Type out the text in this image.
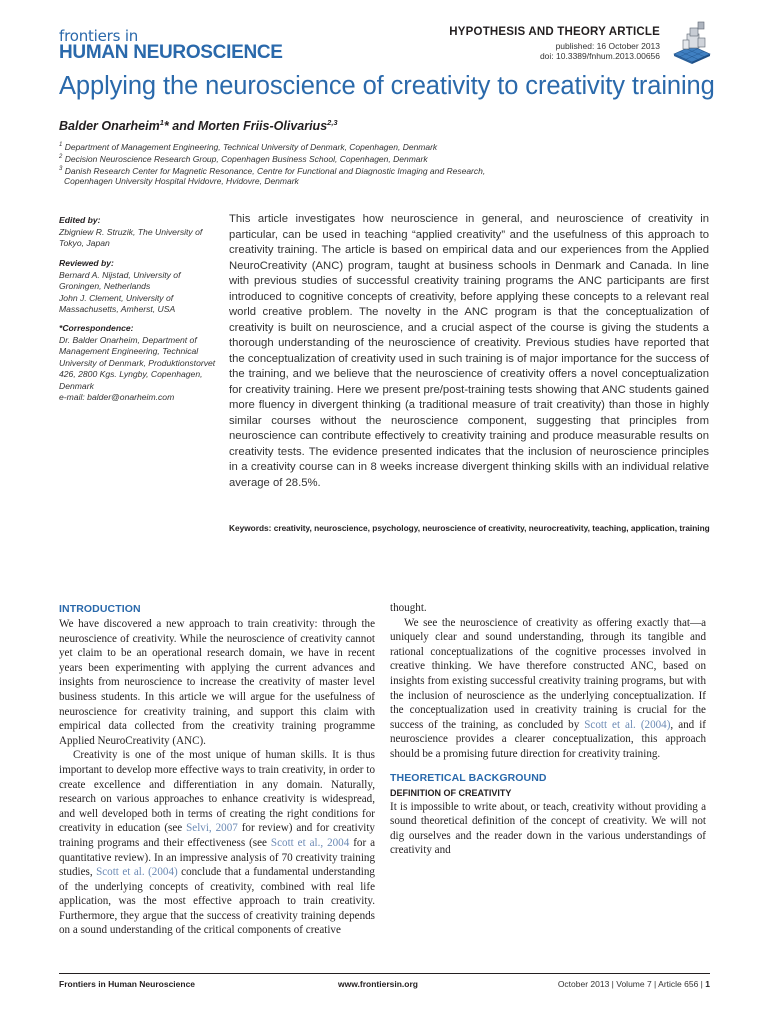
frontiers in
HUMAN NEUROSCIENCE
HYPOTHESIS AND THEORY ARTICLE
published: 16 October 2013
doi: 10.3389/fnhum.2013.00656
Applying the neuroscience of creativity to creativity training
Balder Onarheim$^1$* and Morten Friis-Olivarius$^{2,3}$
$^1$ Department of Management Engineering, Technical University of Denmark, Copenhagen, Denmark
$^2$ Decision Neuroscience Research Group, Copenhagen Business School, Copenhagen, Denmark
$^3$ Danish Research Center for Magnetic Resonance, Centre for Functional and Diagnostic Imaging and Research,
Copenhagen University Hospital Hvidovre, Hvidovre, Denmark

Edited by:

Zbigniew R. Struzik, The University of Tokyo, Japan

Reviewed by:

Bernard A. Nijstad, University of Groningen, Netherlands

John J. Clement, University of Massachusetts, Amherst, USA

*Correspondence:

Dr. Balder Onarheim, Department of Management Engineering, Technical University of Denmark, Produktionstorvet 426, 2800 Kgs. Lyngby, Copenhagen, Denmark

e-mail: balder@onarheim.com

This article investigates how neuroscience in general, and neuroscience of creativity in particular, can be used in teaching “applied creativity” and the usefulness of this approach to creativity training. The article is based on empirical data and our experiences from the Applied NeuroCreativity (ANC) program, taught at business schools in Denmark and Canada. In line with previous studies of successful creativity training programs the ANC participants are first introduced to cognitive concepts of creativity, before applying these concepts to a relevant real world creative problem. The novelty in the ANC program is that the conceptualization of creativity is built on neuroscience, and a crucial aspect of the course is giving the students a thorough understanding of the neuroscience of creativity. Previous studies have reported that the conceptualization of creativity used in such training is of major importance for the success of the training, and we believe that the neuroscience of creativity offers a novel conceptualization for creativity training. Here we present pre/post-training tests showing that ANC students gained more fluency in divergent thinking (a traditional measure of trait creativity) than those in highly similar courses without the neuroscience component, suggesting that principles from neuroscience can contribute effectively to creativity training and produce measurable results on creativity tests. The evidence presented indicates that the inclusion of neuroscience principles in a creativity course can in 8 weeks increase divergent thinking skills with an individual relative average of 28.5%.
Keywords: creativity, neuroscience, psychology, neuroscience of creativity, neurocreativity, teaching, application, training

INTRODUCTION

We have discovered a new approach to train creativity: through the neuroscience of creativity. While the neuroscience of creativity cannot yet claim to be an operational research domain, we have in recent years been experimenting with applying the current advances and insights from neuroscience to increase the creativity of master level business students. In this article we will argue for the usefulness of neuroscience for creativity training, and support this claim with empirical data collected from the creativity training programme Applied NeuroCreativity (ANC).

Creativity is one of the most unique of human skills. It is thus important to develop more effective ways to train creativity, in order to create excellence and differentiation in any domain. Naturally, research on various approaches to enhance creativity is widespread, and well developed both in terms of creating the right conditions for creativity in education (see Selvi, 2007 for review) and for creativity training programs and their effectiveness (see Scott et al., 2004 for a quantitative review). In an impressive analysis of 70 creativity training studies, Scott et al. (2004) conclude that a fundamental understanding of the underlying concepts of creativity, combined with real life application, was the most effective approach to train creativity. Furthermore, they argue that the success of creativity training depends on a sound understanding of the critical components of creative

thought.

We see the neuroscience of creativity as offering exactly that—a uniquely clear and sound understanding, through its tangible and rational conceptualizations of the cognitive processes involved in creative thinking. We have therefore constructed ANC, based on insights from existing successful creativity training programs, but with the inclusion of neuroscience as the underlying conceptualization. If the conceptualization used in creativity training is crucial for the success of the training, as concluded by Scott et al. (2004), and if neuroscience provides a clearer conceptualization, this approach should be a promising future direction for creativity training.

THEORETICAL BACKGROUND

DEFINITION OF CREATIVITY

It is impossible to write about, or teach, creativity without providing a sound theoretical definition of the concept of creativity. We will not dig ourselves and the reader down in the various understandings of creativity and

Frontiers in Human Neuroscience	www.frontiersin.org	October 2013 | Volume 7 | Article 656 | 1
